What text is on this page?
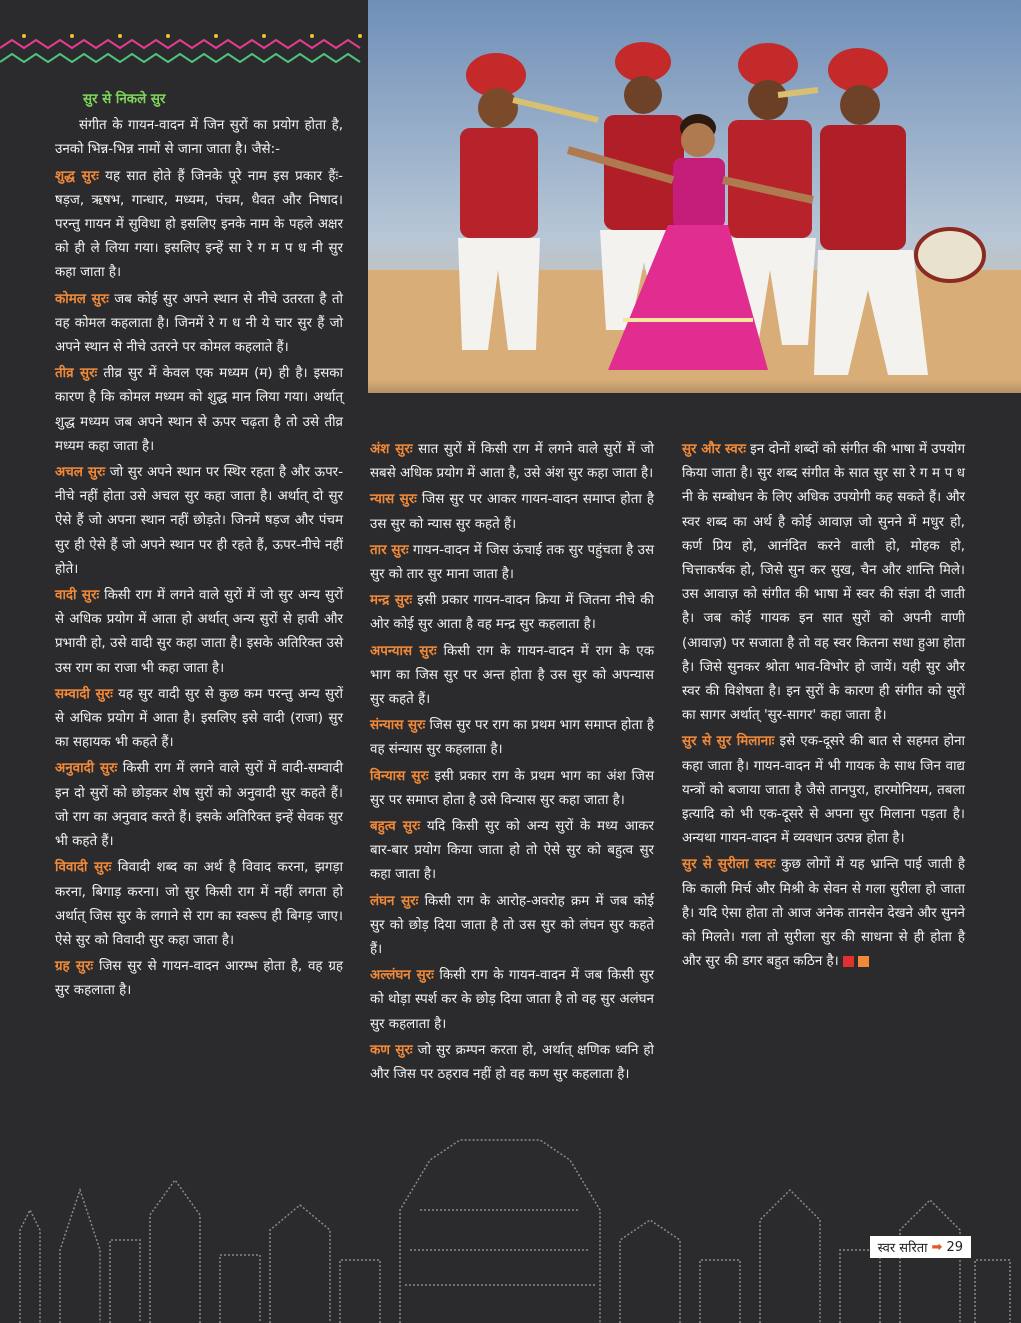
सुर से निकले सुर

संगीत के गायन-वादन में जिन सुरों का प्रयोग होता है, उनको भिन्न-भिन्न नामों से जाना जाता है। जैसे:-

शुद्ध सुरः यह सात होते हैं जिनके पूरे नाम इस प्रकार हैंः- षड़ज, ऋषभ, गान्धार, मध्यम, पंचम, धैवत और निषाद। परन्तु गायन में सुविधा हो इसलिए इनके नाम के पहले अक्षर को ही ले लिया गया। इसलिए इन्हें सा रे ग म प ध नी सुर कहा जाता है।

कोमल सुरः जब कोई सुर अपने स्थान से नीचे उतरता है तो वह कोमल कहलाता है। जिनमें रे ग ध नी ये चार सुर हैं जो अपने स्थान से नीचे उतरने पर कोमल कहलाते हैं।

तीव्र सुरः तीव्र सुर में केवल एक मध्यम (म) ही है। इसका कारण है कि कोमल मध्यम को शुद्ध मान लिया गया। अर्थात् शुद्ध मध्यम जब अपने स्थान से ऊपर चढ़ता है तो उसे तीव्र मध्यम कहा जाता है।

अचल सुरः जो सुर अपने स्थान पर स्थिर रहता है और ऊपर-नीचे नहीं होता उसे अचल सुर कहा जाता है। अर्थात् दो सुर ऐसे हैं जो अपना स्थान नहीं छोड़ते। जिनमें षड़ज और पंचम सुर ही ऐसे हैं जो अपने स्थान पर ही रहते हैं, ऊपर-नीचे नहीं होते।

वादी सुरः किसी राग में लगने वाले सुरों में जो सुर अन्य सुरों से अधिक प्रयोग में आता हो अर्थात् अन्य सुरों से हावी और प्रभावी हो, उसे वादी सुर कहा जाता है। इसके अतिरिक्त उसे उस राग का राजा भी कहा जाता है।

सम्वादी सुरः यह सुर वादी सुर से कुछ कम परन्तु अन्य सुरों से अधिक प्रयोग में आता है। इसलिए इसे वादी (राजा) सुर का सहायक भी कहते हैं।

अनुवादी सुरः किसी राग में लगने वाले सुरों में वादी-सम्वादी इन दो सुरों को छोड़कर शेष सुरों को अनुवादी सुर कहते हैं। जो राग का अनुवाद करते हैं। इसके अतिरिक्त इन्हें सेवक सुर भी कहते हैं।

विवादी सुरः विवादी शब्द का अर्थ है विवाद करना, झगड़ा करना, बिगाड़ करना। जो सुर किसी राग में नहीं लगता हो अर्थात् जिस सुर के लगाने से राग का स्वरूप ही बिगड़ जाए। ऐसे सुर को विवादी सुर कहा जाता है।

ग्रह सुरः जिस सुर से गायन-वादन आरम्भ होता है, वह ग्रह सुर कहलाता है।

अंश सुरः सात सुरों में किसी राग में लगने वाले सुरों में जो सबसे अधिक प्रयोग में आता है, उसे अंश सुर कहा जाता है।

न्यास सुरः जिस सुर पर आकर गायन-वादन समाप्त होता है उस सुर को न्यास सुर कहते हैं।

तार सुरः गायन-वादन में जिस ऊंचाई तक सुर पहुंचता है उस सुर को तार सुर माना जाता है।

मन्द्र सुरः इसी प्रकार गायन-वादन क्रिया में जितना नीचे की ओर कोई सुर आता है वह मन्द्र सुर कहलाता है।

अपन्यास सुरः किसी राग के गायन-वादन में राग के एक भाग का जिस सुर पर अन्त होता है उस सुर को अपन्यास सुर कहते हैं।

संन्यास सुरः जिस सुर पर राग का प्रथम भाग समाप्त होता है वह संन्यास सुर कहलाता है।

विन्यास सुरः इसी प्रकार राग के प्रथम भाग का अंश जिस सुर पर समाप्त होता है उसे विन्यास सुर कहा जाता है।

बहुत्व सुरः यदि किसी सुर को अन्य सुरों के मध्य आकर बार-बार प्रयोग किया जाता हो तो ऐसे सुर को बहुत्व सुर कहा जाता है।

लंघन सुरः किसी राग के आरोह-अवरोह क्रम में जब कोई सुर को छोड़ दिया जाता है तो उस सुर को लंघन सुर कहते हैं।

अल्लंघन सुरः किसी राग के गायन-वादन में जब किसी सुर को थोड़ा स्पर्श कर के छोड़ दिया जाता है तो वह सुर अलंघन सुर कहलाता है।

कण सुरः जो सुर क्रम्पन करता हो, अर्थात् क्षणिक ध्वनि हो और जिस पर ठहराव नहीं हो वह कण सुर कहलाता है।

सुर और स्वरः इन दोनों शब्दों को संगीत की भाषा में उपयोग किया जाता है। सुर शब्द संगीत के सात सुर सा रे ग म प ध नी के सम्बोधन के लिए अधिक उपयोगी कह सकते हैं। और स्वर शब्द का अर्थ है कोई आवाज़ जो सुनने में मधुर हो, कर्ण प्रिय हो, आनंदित करने वाली हो, मोहक हो, चित्ताकर्षक हो, जिसे सुन कर सुख, चैन और शान्ति मिले। उस आवाज़ को संगीत की भाषा में स्वर की संज्ञा दी जाती है। जब कोई गायक इन सात सुरों को अपनी वाणी (आवाज़) पर सजाता है तो वह स्वर कितना सधा हुआ होता है। जिसे सुनकर श्रोता भाव-विभोर हो जायें। यही सुर और स्वर की विशेषता है। इन सुरों के कारण ही संगीत को सुरों का सागर अर्थात् 'सुर-सागर' कहा जाता है।

सुर से सुर मिलानाः इसे एक-दूसरे की बात से सहमत होना कहा जाता है। गायन-वादन में भी गायक के साथ जिन वाद्य यन्त्रों को बजाया जाता है जैसे तानपुरा, हारमोनियम, तबला इत्यादि को भी एक-दूसरे से अपना सुर मिलाना पड़ता है। अन्यथा गायन-वादन में व्यवधान उत्पन्न होता है।

सुर से सुरीला स्वरः कुछ लोगों में यह भ्रान्ति पाई जाती है कि काली मिर्च और मिश्री के सेवन से गला सुरीला हो जाता है। यदि ऐसा होता तो आज अनेक तानसेन देखने और सुनने को मिलते। गला तो सुरीला सुर की साधना से ही होता है और सुर की डगर बहुत कठिन है।

स्वर सरिता ➡ 29
